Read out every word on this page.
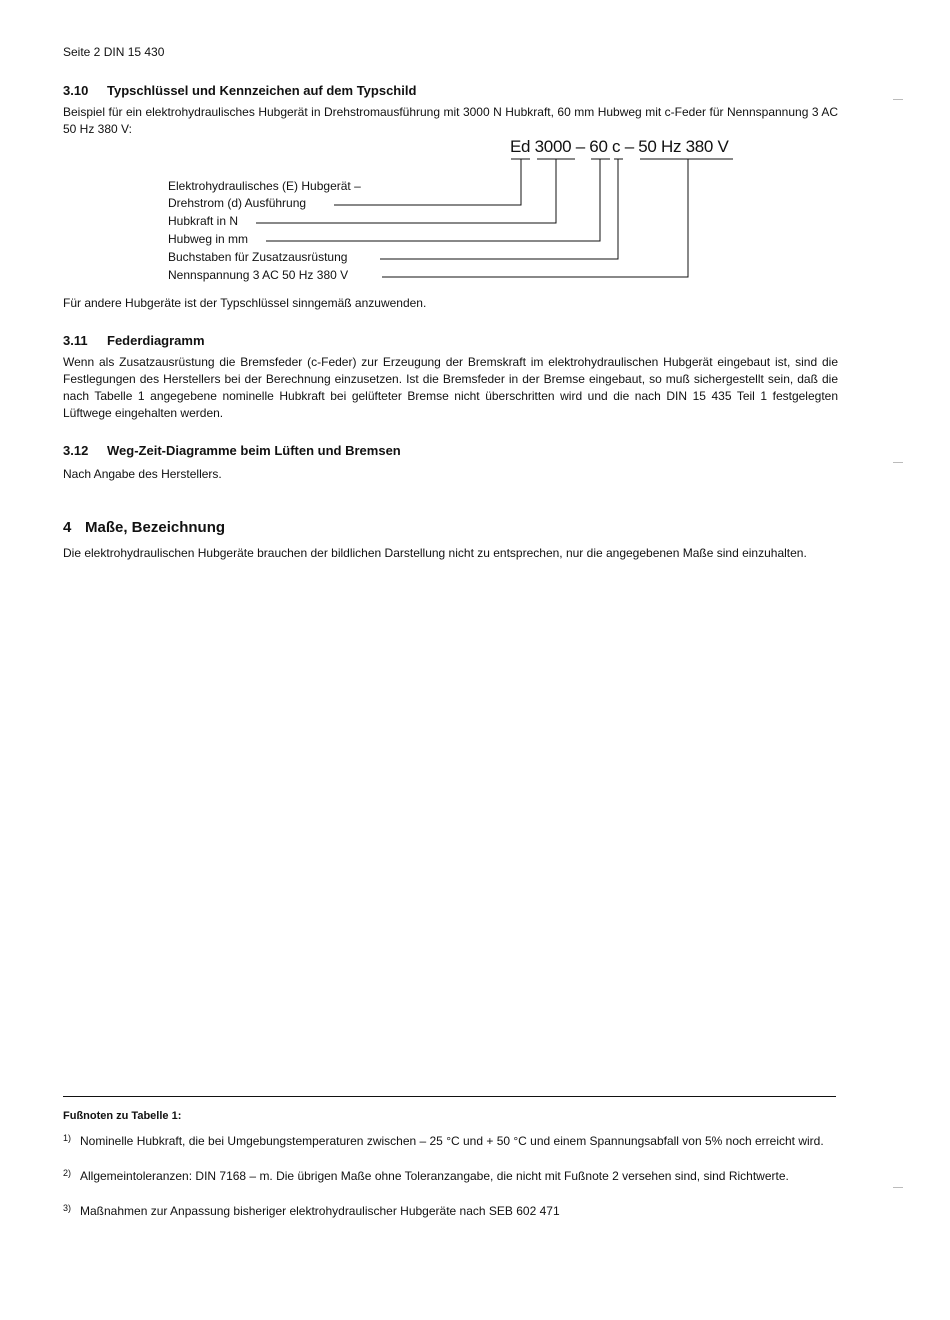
Seite 2 DIN 15 430
3.10 Typschlüssel und Kennzeichen auf dem Typschild
Beispiel für ein elektrohydraulisches Hubgerät in Drehstromausführung mit 3000 N Hubkraft, 60 mm Hubweg mit c-Feder für Nennspannung 3 AC 50 Hz 380 V:
Ed 3000 – 60 c – 50 Hz 380 V
Elektrohydraulisches (E) Hubgerät –
Drehstrom (d) Ausführung
Hubkraft in N
Hubweg in mm
Buchstaben für Zusatzausrüstung
Nennspannung 3 AC 50 Hz 380 V
Für andere Hubgeräte ist der Typschlüssel sinngemäß anzuwenden.
3.11 Federdiagramm
Wenn als Zusatzausrüstung die Bremsfeder (c-Feder) zur Erzeugung der Bremskraft im elektrohydraulischen Hubgerät eingebaut ist, sind die Festlegungen des Herstellers bei der Berechnung einzusetzen. Ist die Bremsfeder in der Bremse eingebaut, so muß sichergestellt sein, daß die nach Tabelle 1 angegebene nominelle Hubkraft bei gelüfteter Bremse nicht überschritten wird und die nach DIN 15 435 Teil 1 festgelegten Lüftwege eingehalten werden.
3.12 Weg-Zeit-Diagramme beim Lüften und Bremsen
Nach Angabe des Herstellers.
4 Maße, Bezeichnung
Die elektrohydraulischen Hubgeräte brauchen der bildlichen Darstellung nicht zu entsprechen, nur die angegebenen Maße sind einzuhalten.
Fußnoten zu Tabelle 1:
1) Nominelle Hubkraft, die bei Umgebungstemperaturen zwischen – 25 °C und + 50 °C und einem Spannungsabfall von 5% noch erreicht wird.
2) Allgemeintoleranzen: DIN 7168 – m. Die übrigen Maße ohne Toleranzangabe, die nicht mit Fußnote 2 versehen sind, sind Richtwerte.
3) Maßnahmen zur Anpassung bisheriger elektrohydraulischer Hubgeräte nach SEB 602 471
